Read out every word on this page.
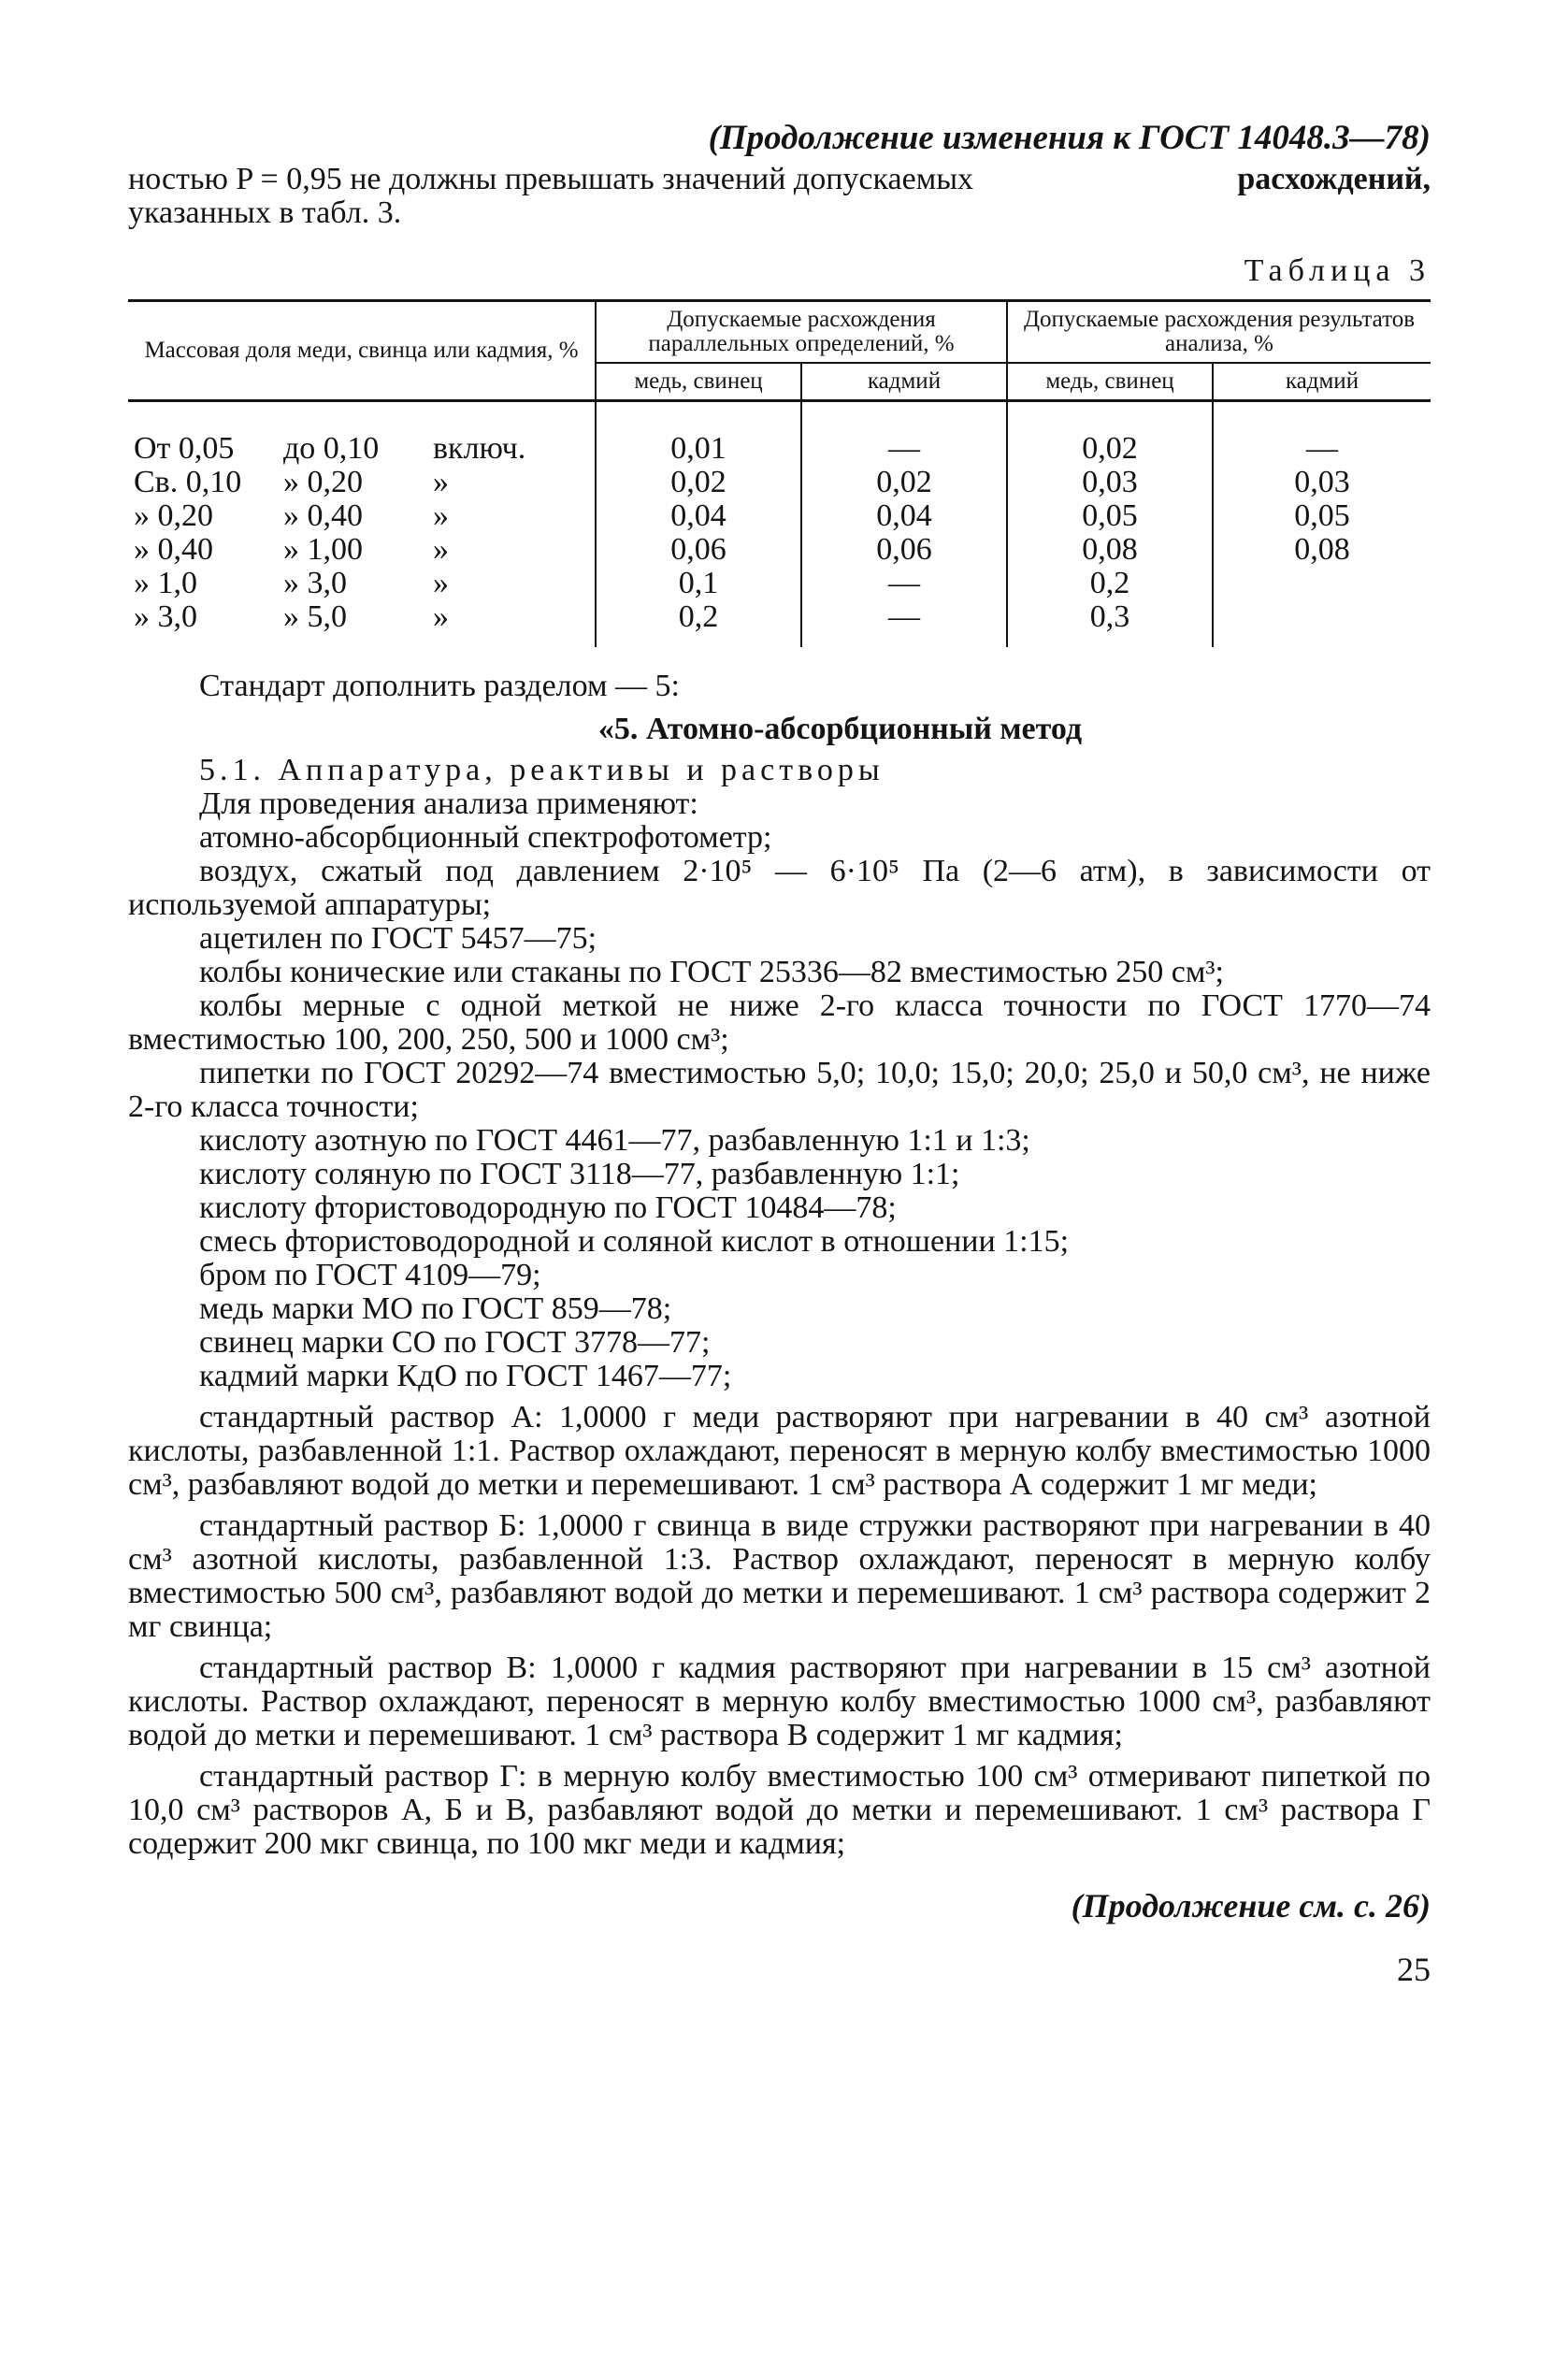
(Продолжение изменения к ГОСТ 14048.3—78)
ностью P = 0,95 не должны превышать значений допускаемых	расхождений,
указанных в табл. 3.
Таблица 3
Массовая доля меди, свинца или кадмия, %	Допускаемые расхождения параллельных определений, %		Допускаемые расхождения результатов анализа, %	
	медь, свинец	кадмий	медь, свинец	кадмий

От 0,05 до 0,10 включ.	0,01	—	0,02	—

Св. 0,10 » 0,20 »	0,02	0,02	0,03	0,03

» 0,20 » 0,40 »	0,04	0,04	0,05	0,05

» 0,40 » 1,00 »	0,06	0,06	0,08	0,08

» 1,0 » 3,0 »	0,1	—	0,2	

» 3,0 » 5,0 »	0,2	—	0,3	
Стандарт дополнить разделом — 5:
«5. Атомно-абсорбционный метод
5.1. Аппаратура, реактивы и растворы
Для проведения анализа применяют:

атомно-абсорбционный спектрофотометр;

воздух, сжатый под давлением 2·10⁵ — 6·10⁵ Па (2—6 атм), в зависимости от используемой аппаратуры;

ацетилен по ГОСТ 5457—75;

колбы конические или стаканы по ГОСТ 25336—82 вместимостью 250 см³;

колбы мерные с одной меткой не ниже 2-го класса точности по ГОСТ 1770—74 вместимостью 100, 200, 250, 500 и 1000 см³;

пипетки по ГОСТ 20292—74 вместимостью 5,0; 10,0; 15,0; 20,0; 25,0 и 50,0 см³, не ниже 2-го класса точности;

кислоту азотную по ГОСТ 4461—77, разбавленную 1:1 и 1:3;

кислоту соляную по ГОСТ 3118—77, разбавленную 1:1;

кислоту фтористоводородную по ГОСТ 10484—78;

смесь фтористоводородной и соляной кислот в отношении 1:15;

бром по ГОСТ 4109—79;

медь марки МО по ГОСТ 859—78;

свинец марки СО по ГОСТ 3778—77;

кадмий марки КдО по ГОСТ 1467—77;

стандартный раствор А: 1,0000 г меди растворяют при нагревании в 40 см³ азотной кислоты, разбавленной 1:1. Раствор охлаждают, переносят в мерную колбу вместимостью 1000 см³, разбавляют водой до метки и перемешивают. 1 см³ раствора А содержит 1 мг меди;

стандартный раствор Б: 1,0000 г свинца в виде стружки растворяют при нагревании в 40 см³ азотной кислоты, разбавленной 1:3. Раствор охлаждают, переносят в мерную колбу вместимостью 500 см³, разбавляют водой до метки и перемешивают. 1 см³ раствора содержит 2 мг свинца;

стандартный раствор В: 1,0000 г кадмия растворяют при нагревании в 15 см³ азотной кислоты. Раствор охлаждают, переносят в мерную колбу вместимостью 1000 см³, разбавляют водой до метки и перемешивают. 1 см³ раствора В содержит 1 мг кадмия;

стандартный раствор Г: в мерную колбу вместимостью 100 см³ отмеривают пипеткой по 10,0 см³ растворов А, Б и В, разбавляют водой до метки и перемешивают. 1 см³ раствора Г содержит 200 мкг свинца, по 100 мкг меди и кадмия;

(Продолжение см. с. 26)
25
